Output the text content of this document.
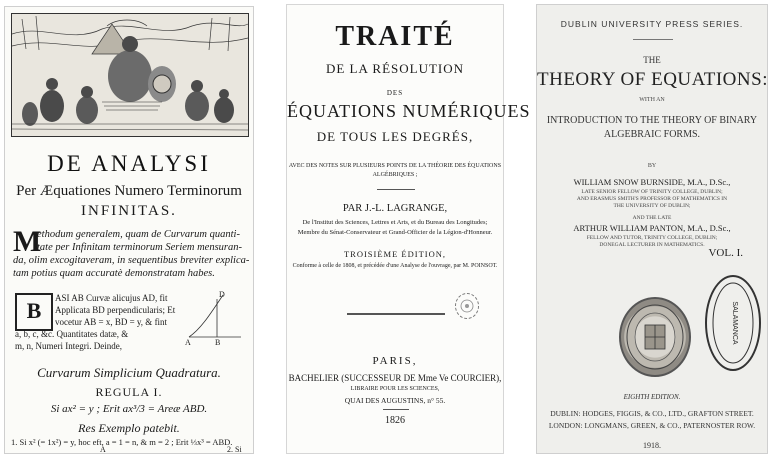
DE ANALYSI
Per Æquationes Numero Terminorum
INFINITAS.
M
ethodum generalem, quam de Curvarum quanti-
tate per Infinitam terminorum Seriem mensuran-
da, olim excogitaveram, in sequentibus breviter explica-
tam potius quam accuratè demonstratam habes.
B	ASI AB Curvæ alicujus AD, fit
Applicata BD perpendicularis; Et
vocetur AB = x, BD = y, & fint
a, b, c, &c. Quantitates datæ, &
m, n, Numeri Integri. Deinde,
D
A	B
Curvarum Simplicium Quadratura.
REGULA I.
Si ax² = y ; Erit ax³/3 = Areæ ABD.
Res Exemplo patebit.
1. Si x² (= 1x²) = y, hoc eft, a = 1 = n, & m = 2 ; Erit ⅓x³ = ABD.
A	2. Si
TRAITÉ
DE LA RÉSOLUTION
DES
ÉQUATIONS NUMÉRIQUES
DE TOUS LES DEGRÉS,
AVEC DES NOTES SUR PLUSIEURS POINTS DE LA THÉORIE DES ÉQUATIONS
ALGÉBRIQUES ;
PAR J.-L. LAGRANGE,
De l'Institut des Sciences, Lettres et Arts, et du Bureau des Longitudes;
Membre du Sénat-Conservateur et Grand-Officier de la Légion-d'Honneur.
TROISIÈME ÉDITION,
Conforme à celle de 1808, et précédée d'une Analyse de l'ouvrage, par M. POINSOT.
PARIS,
BACHELIER (SUCCESSEUR DE Mme Ve COURCIER),
LIBRAIRE POUR LES SCIENCES,
QUAI DES AUGUSTINS, n° 55.
1826
DUBLIN UNIVERSITY PRESS SERIES.
THE
THEORY OF EQUATIONS:
WITH AN
INTRODUCTION TO THE THEORY OF BINARY
ALGEBRAIC FORMS.
BY
WILLIAM SNOW BURNSIDE, M.A., D.Sc.,
LATE SENIOR FELLOW OF TRINITY COLLEGE, DUBLIN;
AND ERASMUS SMITH'S PROFESSOR OF MATHEMATICS IN
THE UNIVERSITY OF DUBLIN;
AND THE LATE
ARTHUR WILLIAM PANTON, M.A., D.Sc.,
FELLOW AND TUTOR, TRINITY COLLEGE, DUBLIN;
DONEGAL LECTURER IN MATHEMATICS.
VOL. I.
SALAMANCA
EIGHTH EDITION.
DUBLIN: HODGES, FIGGIS, & CO., LTD., GRAFTON STREET.
LONDON: LONGMANS, GREEN, & CO., PATERNOSTER ROW.
1918.
